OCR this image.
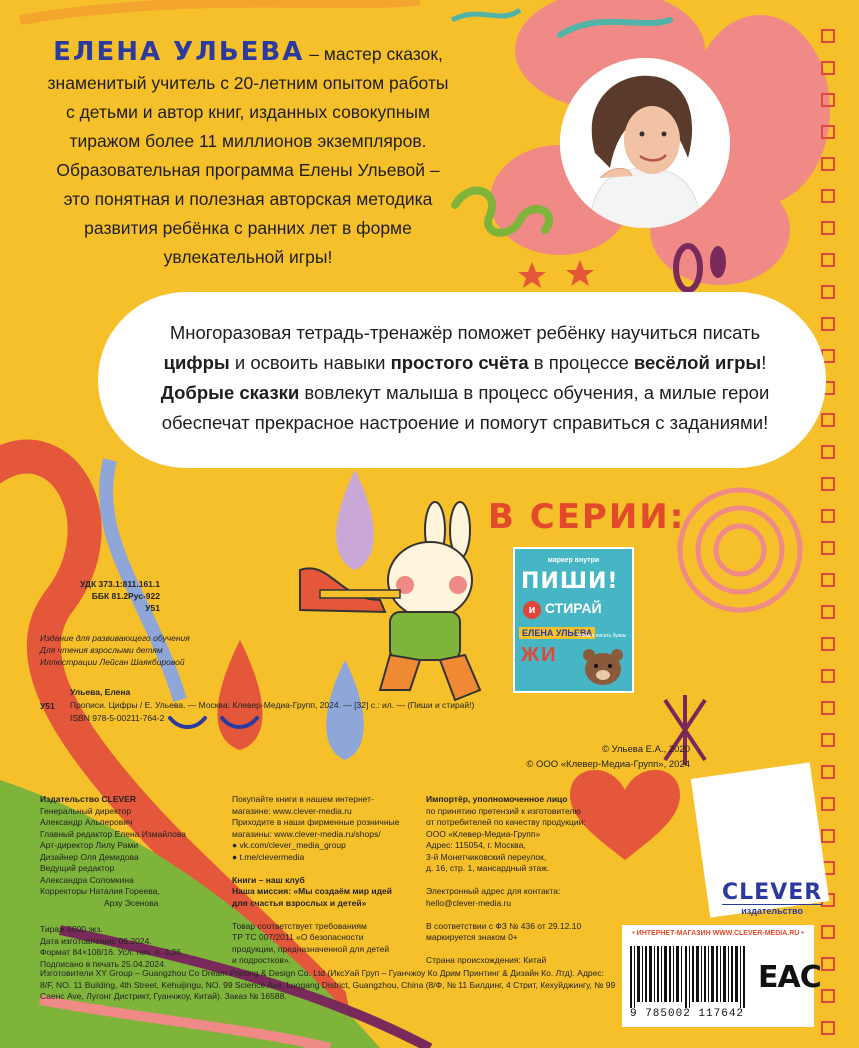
ЕЛЕНА УЛЬЕВА – мастер сказок,
знаменитый учитель с 20-летним опытом работы
с детьми и автор книг, изданных совокупным
тиражом более 11 миллионов экземпляров.
Образовательная программа Елены Ульевой –
это понятная и полезная авторская методика
развития ребёнка с ранних лет в форме
увлекательной игры!
Многоразовая тетрадь-тренажёр поможет ребёнку научиться писать
цифры и освоить навыки простого счёта в процессе весёлой игры!
Добрые сказки вовлекут малыша в процесс обучения, а милые герои
обеспечат прекрасное настроение и помогут справиться с заданиями!
В СЕРИИ:
маркер внутри
ПИШИ!
и СТИРАЙ
ЕЛЕНА УЛЬЕВА
Учимся писать буквы
ЖИ
УДК 373.1:811.161.1
ББК 81.2Рус-922
У51
Издание для развивающего обучения
Для чтения взрослыми детям
Иллюстрации Лейсан Шаякбировой
У51
Ульева, Елена
Прописи. Цифры / Е. Ульева. — Москва: Клевер-Медиа-Групп, 2024. — [32] с.: ил. — (Пиши и стирай!)
ISBN 978-5-00211-764-2
© Ульева Е.А., 2020
© ООО «Клевер-Медиа-Групп», 2024
Издательство CLEVER
Генеральный директор
Александр Альперович
Главный редактор Елена Измайлова
Арт-директор Лилу Рами
Дизайнер Оля Демидова
Ведущий редактор
Александра Соломкина
Корректоры Наталия Гореева,
Арзу Эсенова
Покупайте книги в нашем интернет-
магазине: www.clever-media.ru
Приходите в наши фирменные розничные
магазины: www.clever-media.ru/shops/
● vk.com/clever_media_group
● t.me/clevermedia
Книги – наш клуб
Наша миссия: «Мы создаём мир идей
для счастья взрослых и детей»
Товар соответствует требованиям
ТР ТС 007/2011 «О безопасности
продукции, предназначенной для детей
и подростков».
Импортёр, уполномоченное лицо
по принятию претензий к изготовителю
от потребителей по качеству продукции:
ООО «Клевер-Медиа-Групп»
Адрес: 115054, г. Москва,
3-й Монетчиковский переулок,
д. 16, стр. 1, мансардный этаж.
Электронный адрес для контакта:
hello@clever-media.ru
В соответствии с ФЗ № 436 от 29.12.10
маркируется знаком 0+
Страна происхождения: Китай
Тираж 5000 экз.
Дата изготовления: 06.2024.
Формат 84×108/16. Усл. печ. л. 3,36.
Подписано в печать 25.04.2024.
Изготовители XY Group – Guangzhou Co Dream Printing & Design Co. Ltd (ИксУай Груп – Гуанчжоу Ко Дрим Принтинг & Дизайн Ко. Лтд). Адрес: 8/F, NO. 11 Building, 4th Street, Kehuijingu, NO. 99 Science Ave, Luogang District, Guangzhou, China (8/Ф, № 11 Билдинг, 4 Стрит, Кехуйджингу, № 99 Саенс Ave, Лугонг Дистрикт, Гуанчжоу, Китай). Заказ № 16588.
CLEVER
издательство
• ИНТЕРНЕТ-МАГАЗИН WWW.CLEVER-MEDIA.RU •
9 785002 117642
ЕАС
